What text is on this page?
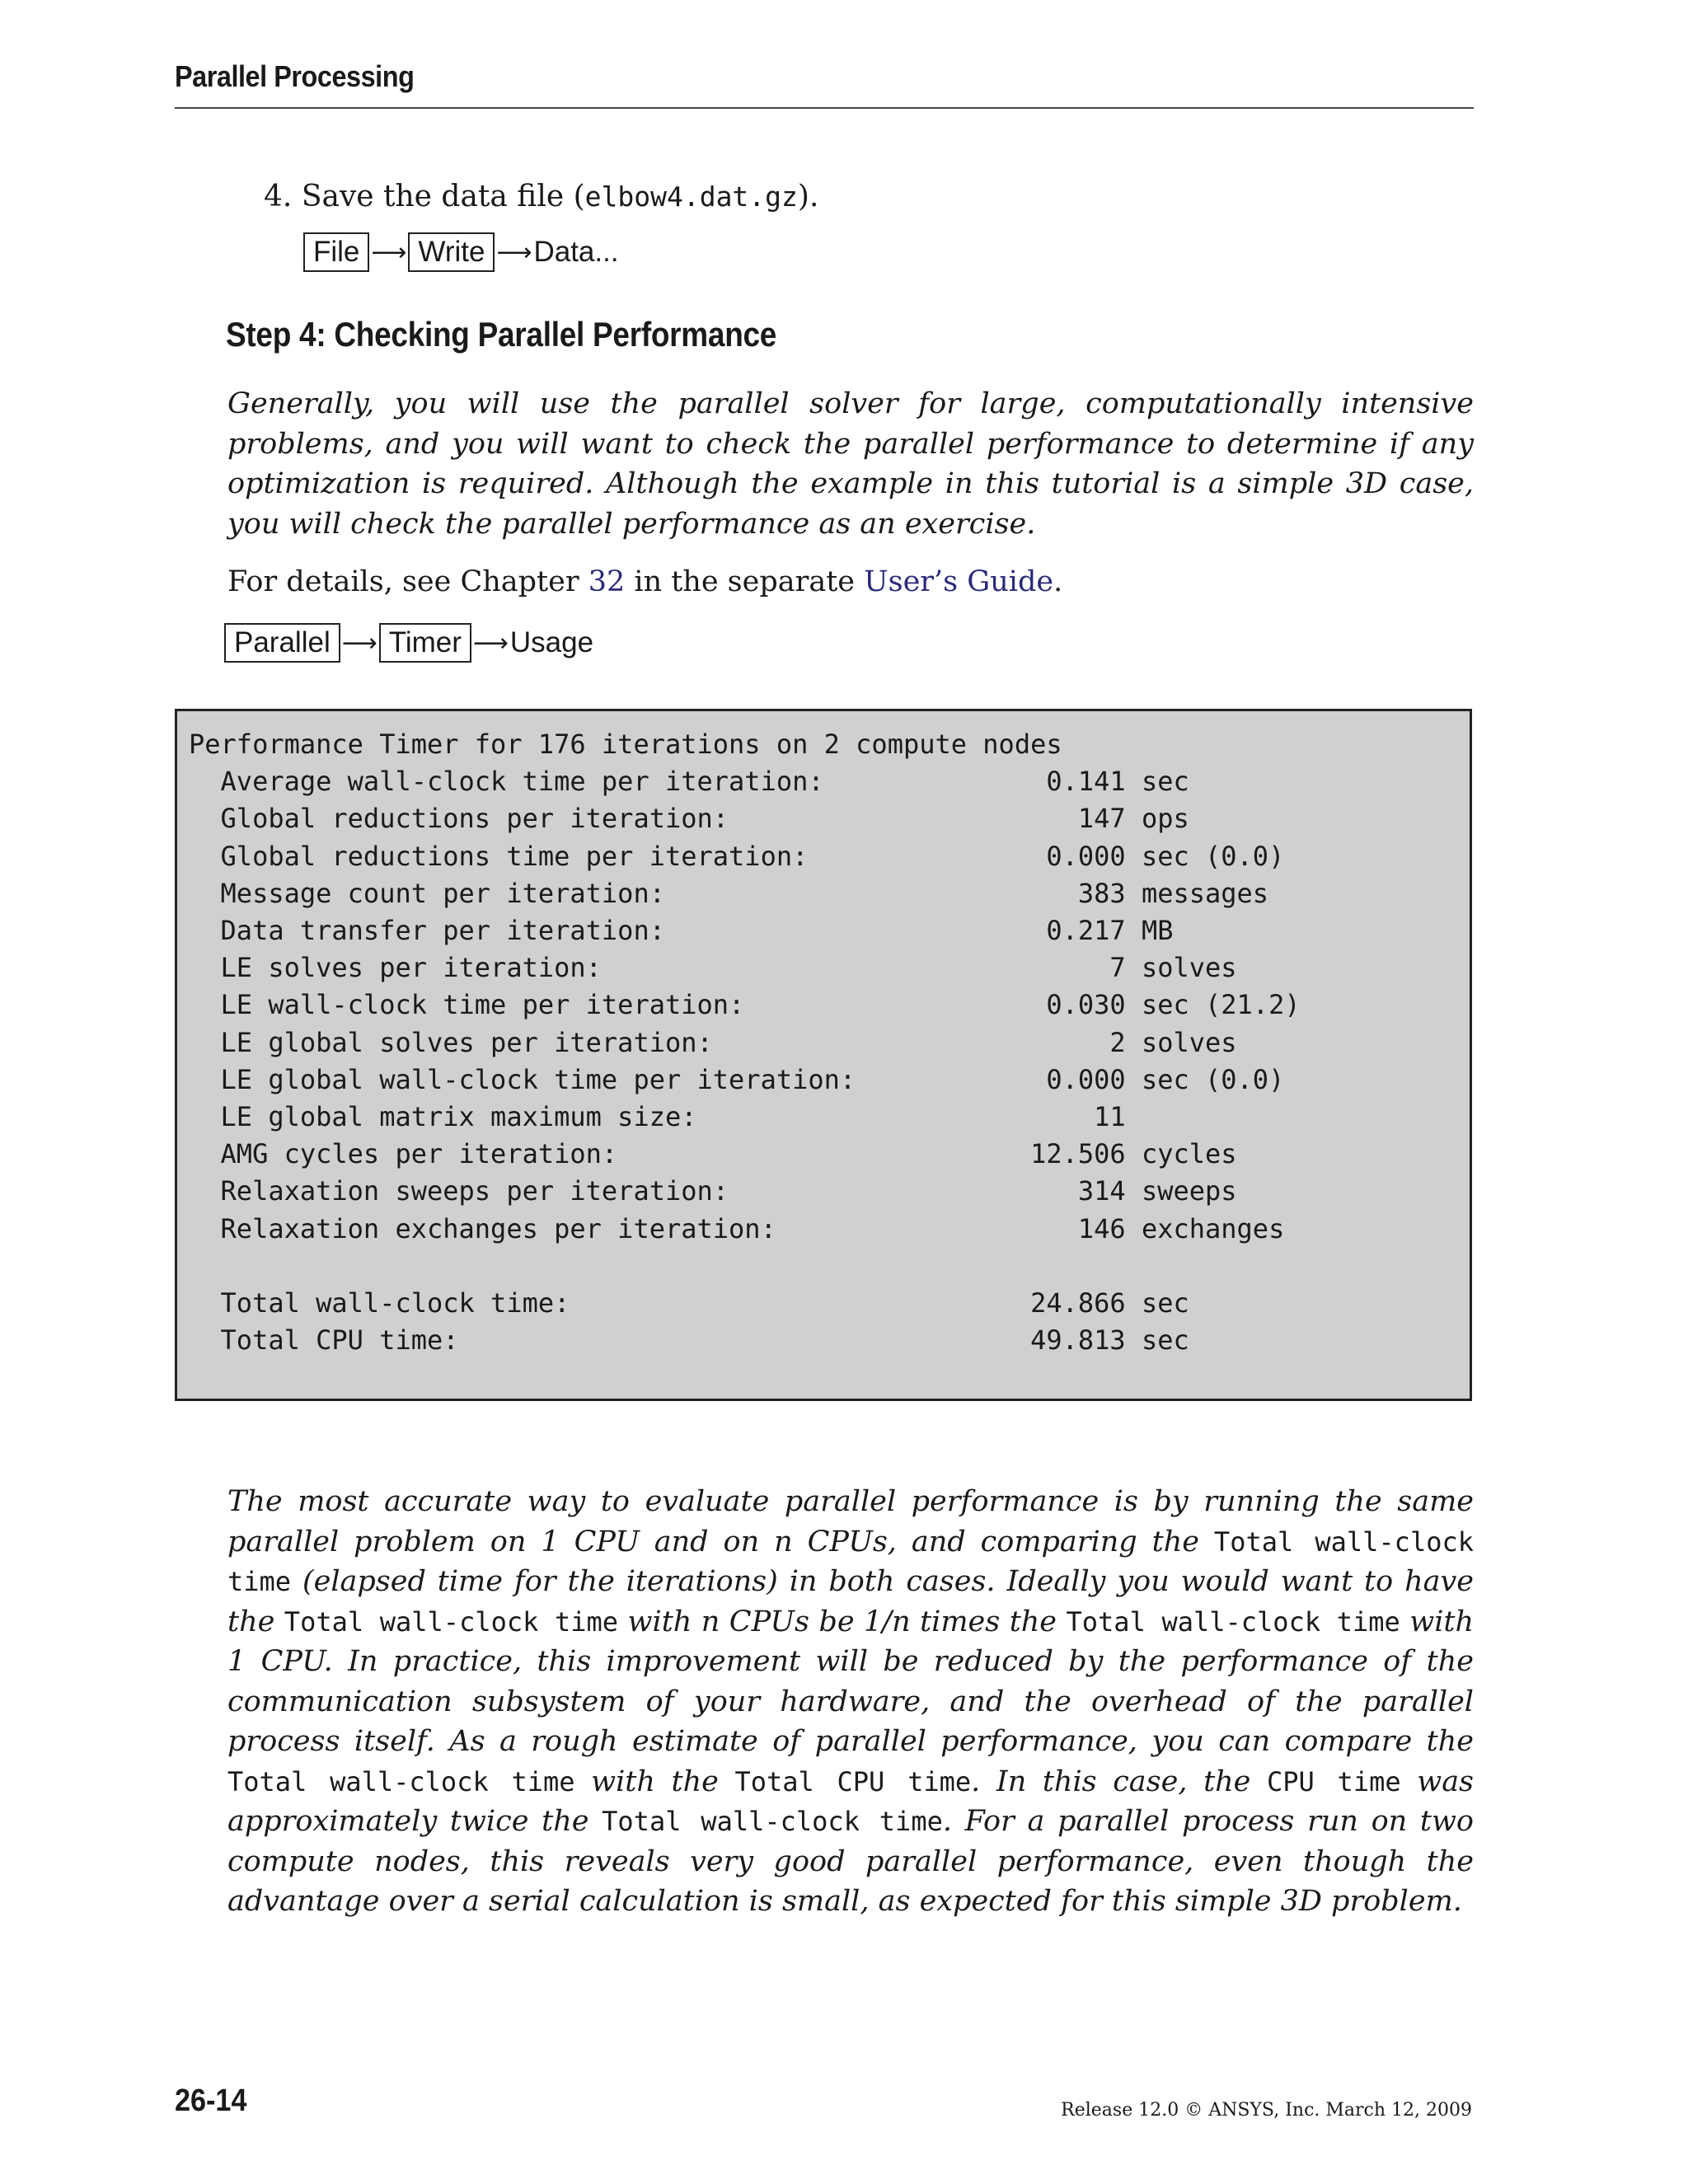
Parallel Processing
4. Save the data file (elbow4.dat.gz).
File ⟶ Write ⟶ Data...
Step 4: Checking Parallel Performance
Generally, you will use the parallel solver for large, computationally intensive problems, and you will want to check the parallel performance to determine if any optimization is required. Although the example in this tutorial is a simple 3D case, you will check the parallel performance as an exercise.
For details, see Chapter 32 in the separate User’s Guide.
Parallel ⟶ Timer ⟶ Usage
Performance Timer for 176 iterations on 2 compute nodes
Average wall-clock time per iteration:              0.141 sec
Global reductions per iteration:                      147 ops
Global reductions time per iteration:               0.000 sec (0.0)
Message count per iteration:                          383 messages
Data transfer per iteration:                        0.217 MB
LE solves per iteration:                                7 solves
LE wall-clock time per iteration:                   0.030 sec (21.2)
LE global solves per iteration:                         2 solves
LE global wall-clock time per iteration:            0.000 sec (0.0)
LE global matrix maximum size:                         11
AMG cycles per iteration:                          12.506 cycles
Relaxation sweeps per iteration:                      314 sweeps
Relaxation exchanges per iteration:                   146 exchanges
Total wall-clock time:                             24.866 sec
Total CPU time:                                    49.813 sec
The most accurate way to evaluate parallel performance is by running the same parallel problem on 1 CPU and on n CPUs, and comparing the Total wall-clock time (elapsed time for the iterations) in both cases. Ideally you would want to have the Total wall-clock time with n CPUs be 1/n times the Total wall-clock time with 1 CPU. In practice, this improvement will be reduced by the performance of the communication subsystem of your hardware, and the overhead of the parallel process itself. As a rough estimate of parallel performance, you can compare the Total wall-clock time with the Total CPU time. In this case, the CPU time was approximately twice the Total wall-clock time. For a parallel process run on two compute nodes, this reveals very good parallel performance, even though the advantage over a serial calculation is small, as expected for this simple 3D problem.
26-14	Release 12.0 © ANSYS, Inc. March 12, 2009
